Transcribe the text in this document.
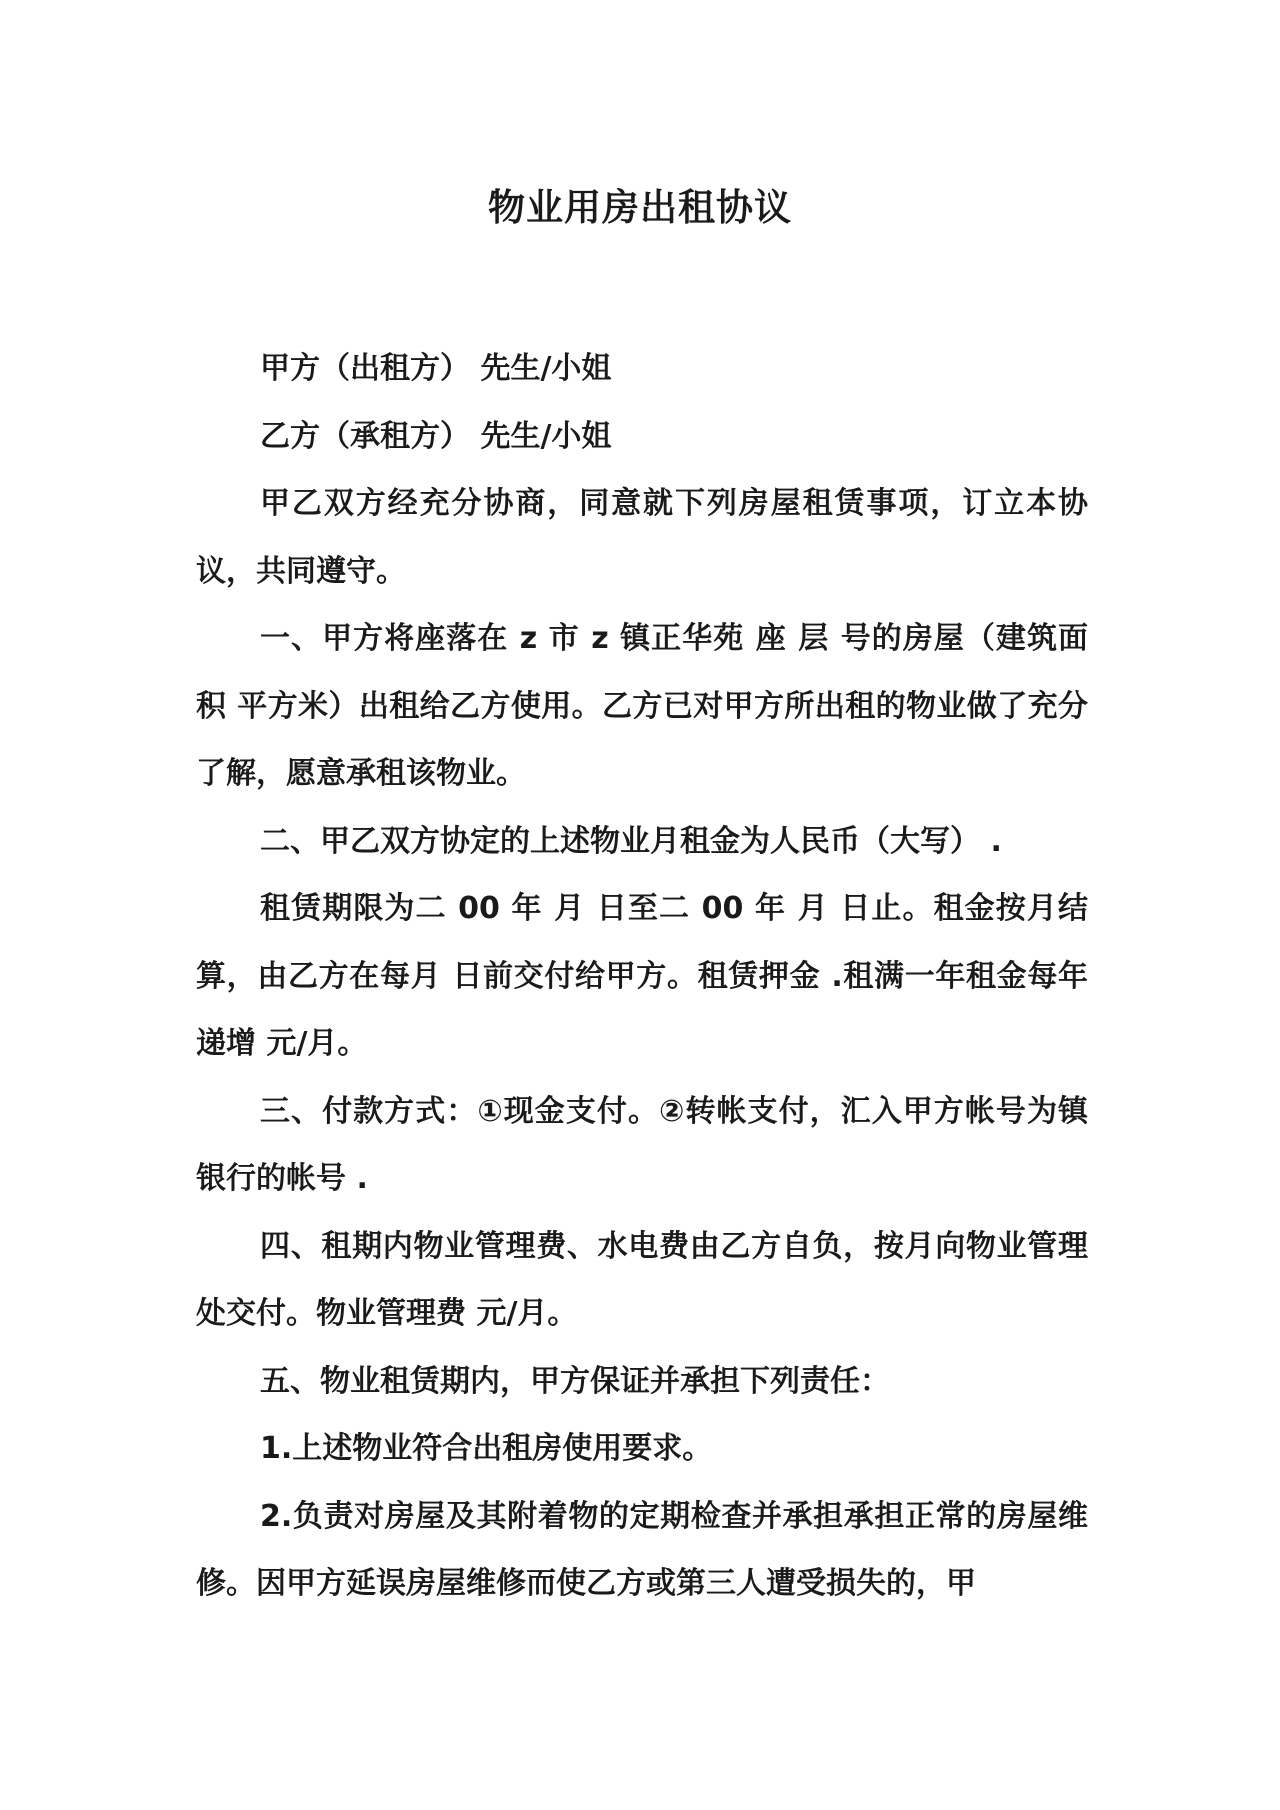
物业用房出租协议

甲方（出租方） 先生/小姐

乙方（承租方） 先生/小姐

甲乙双方经充分协商，同意就下列房屋租赁事项，订立本协议，共同遵守。

一、甲方将座落在 z 市 z 镇正华苑 座 层 号的房屋（建筑面积 平方米）出租给乙方使用。乙方已对甲方所出租的物业做了充分了解，愿意承租该物业。

二、甲乙双方协定的上述物业月租金为人民币（大写） .

租赁期限为二 00 年 月 日至二 00 年 月 日止。租金按月结算，由乙方在每月 日前交付给甲方。租赁押金 .租满一年租金每年递增 元/月。

三、付款方式：①现金支付。②转帐支付，汇入甲方帐号为镇 银行的帐号 .

四、租期内物业管理费、水电费由乙方自负，按月向物业管理处交付。物业管理费 元/月。

五、物业租赁期内，甲方保证并承担下列责任：

1.上述物业符合出租房使用要求。

2.负责对房屋及其附着物的定期检查并承担承担正常的房屋维修。因甲方延误房屋维修而使乙方或第三人遭受损失的，甲
